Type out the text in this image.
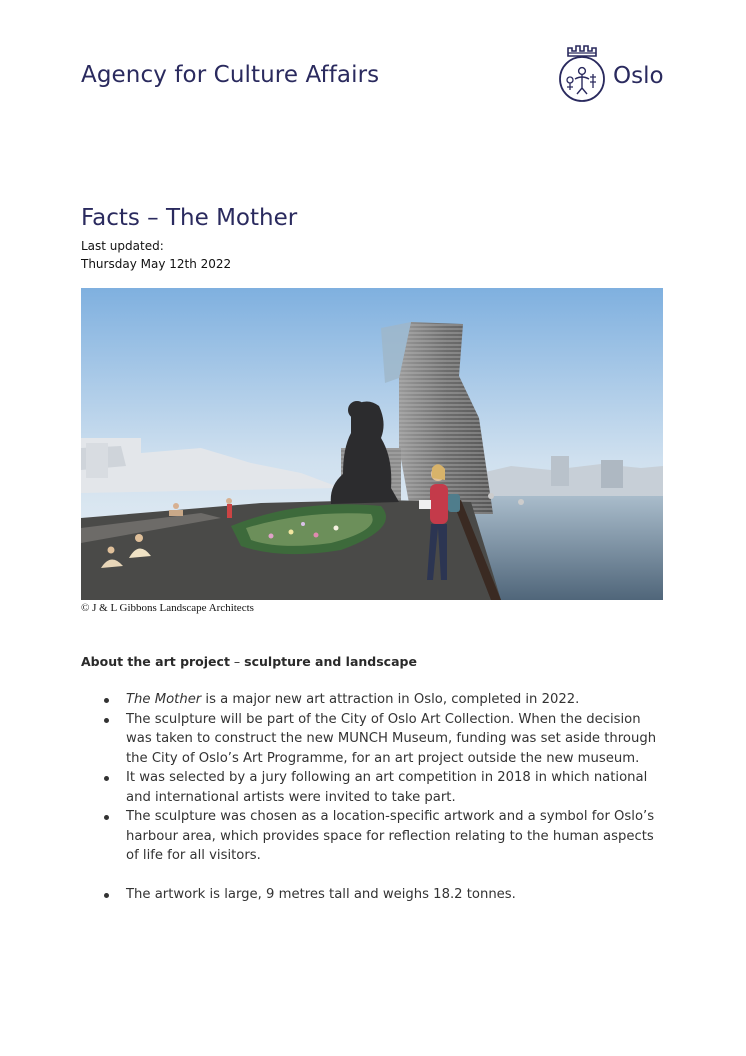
Agency for Culture Affairs	Oslo
Facts – The Mother
Last updated:
Thursday May 12th 2022
© J & L Gibbons Landscape Architects
About the art project – sculpture and landscape
The Mother is a major new art attraction in Oslo, completed in 2022.
The sculpture will be part of the City of Oslo Art Collection. When the decision was taken to construct the new MUNCH Museum, funding was set aside through the City of Oslo’s Art Programme, for an art project outside the new museum.
It was selected by a jury following an art competition in 2018 in which national and international artists were invited to take part.
The sculpture was chosen as a location-specific artwork and a symbol for Oslo’s harbour area, which provides space for reflection relating to the human aspects of life for all visitors.
The artwork is large, 9 metres tall and weighs 18.2 tonnes.
